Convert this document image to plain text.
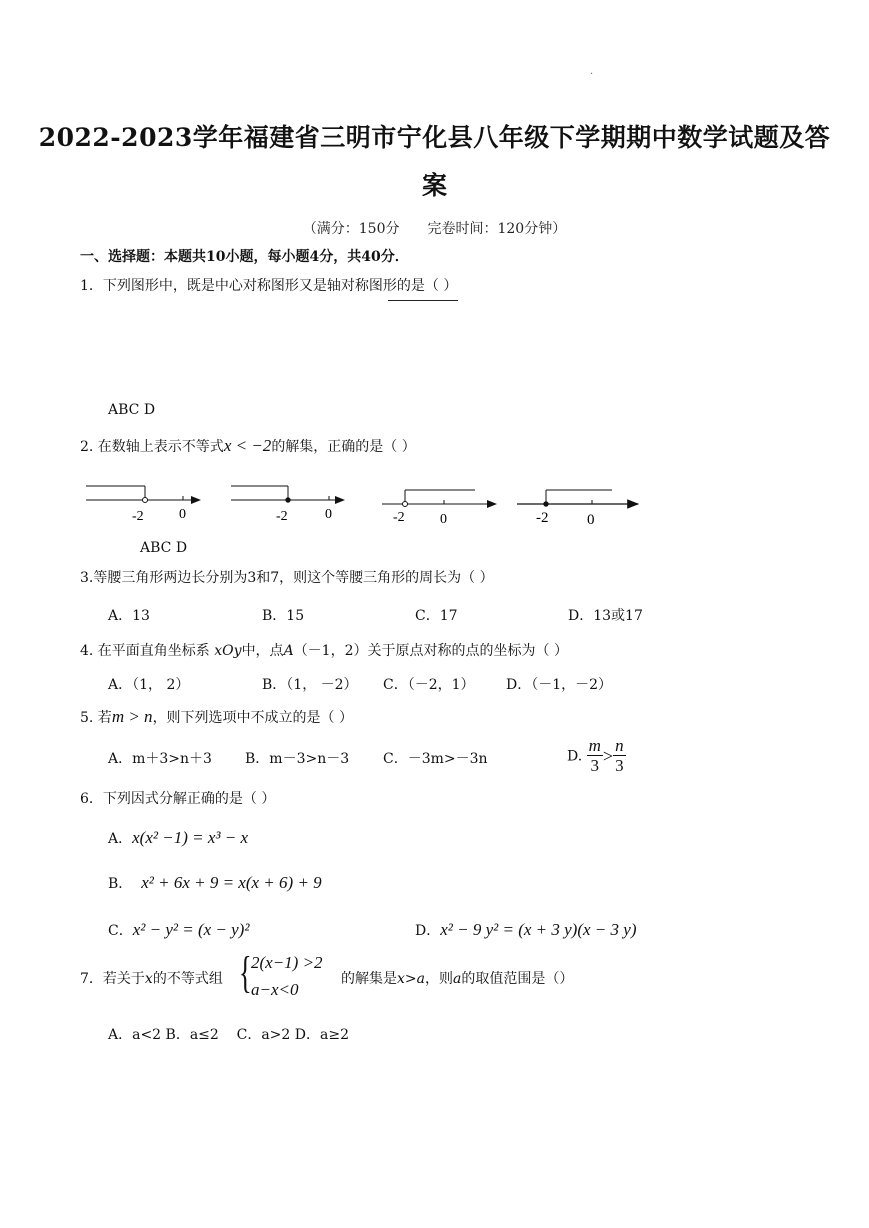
.
2022-2023学年福建省三明市宁化县八年级下学期期中数学试题及答
案
（满分：150分　　完卷时间：120分钟）
一、选择题：本题共10小题，每小题4分，共40分．
1．下列图形中，既是中心对称图形又是轴对称图形的是（ ）
ABC D
2. 在数轴上表示不等式x < −2的解集，正确的是（ ）
-2	0	-2	0	-2	0	-2	0
ABC D
3.等腰三角形两边长分别为3和7，则这个等腰三角形的周长为（ ）
A．13	B．15	C．17	D．13或17
4. 在平面直角坐标系 xOy中，点A（－1，2）关于原点对称的点的坐标为（ ）
A．（1， 2）	B．（1， －2） C．（－2，1） D．（－1，－2）
5. 若m > n，则下列选项中不成立的是（ ）
A．m＋3>n＋3 B．m－3>n－3 C．－3m>－3n	D. $\frac{m}{3} > \frac{n}{3}$
6．下列因式分解正确的是（ ）
A．x(x² −1) = x³ − x
B． x² + 6x + 9 = x(x + 6) + 9
C．x² − y² = (x − y)²	D．x² − 9 y² = (x + 3 y)(x − 3 y)
7．若关于x的不等式组 { 2(x−1) >2
a−x<0
的解集是x>a，则a的取值范围是（）
A．a<2 B．a≤2    C．a>2 D．a≥2
